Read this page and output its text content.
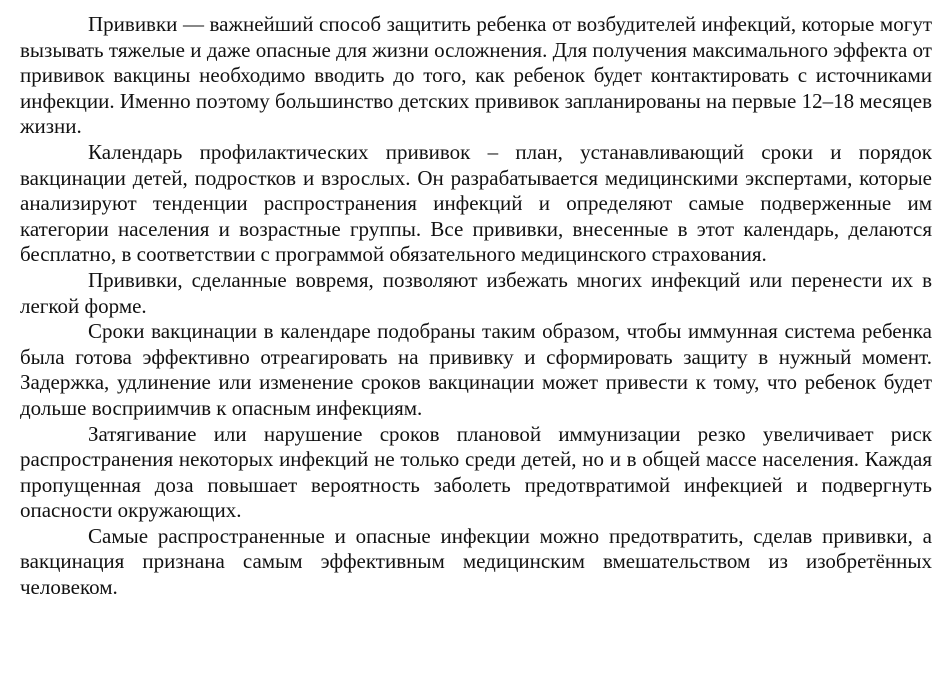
Прививки — важнейший способ защитить ребенка от возбудителей инфекций, которые могут вызывать тяжелые и даже опасные для жизни осложнения. Для получения максимального эффекта от прививок вакцины необходимо вводить до того, как ребенок будет контактировать с источниками инфекции. Именно поэтому большинство детских прививок запланированы на первые 12–18 месяцев жизни.

Календарь профилактических прививок – план, устанавливающий сроки и порядок вакцинации детей, подростков и взрослых. Он разрабатывается медицинскими экспертами, которые анализируют тенденции распространения инфекций и определяют самые подверженные им категории населения и возрастные группы. Все прививки, внесенные в этот календарь, делаются бесплатно, в соответствии с программой обязательного медицинского страхования.

Прививки, сделанные вовремя, позволяют избежать многих инфекций или перенести их в легкой форме.

Сроки вакцинации в календаре подобраны таким образом, чтобы иммунная система ребенка была готова эффективно отреагировать на прививку и сформировать защиту в нужный момент. Задержка, удлинение или изменение сроков вакцинации может привести к тому, что ребенок будет дольше восприимчив к опасным инфекциям.

Затягивание или нарушение сроков плановой иммунизации резко увеличивает риск распространения некоторых инфекций не только среди детей, но и в общей массе населения. Каждая пропущенная доза повышает вероятность заболеть предотвратимой инфекцией и подвергнуть опасности окружающих.

Самые распространенные и опасные инфекции можно предотвратить, сделав прививки, а вакцинация признана самым эффективным медицинским вмешательством из изобретённых человеком.
